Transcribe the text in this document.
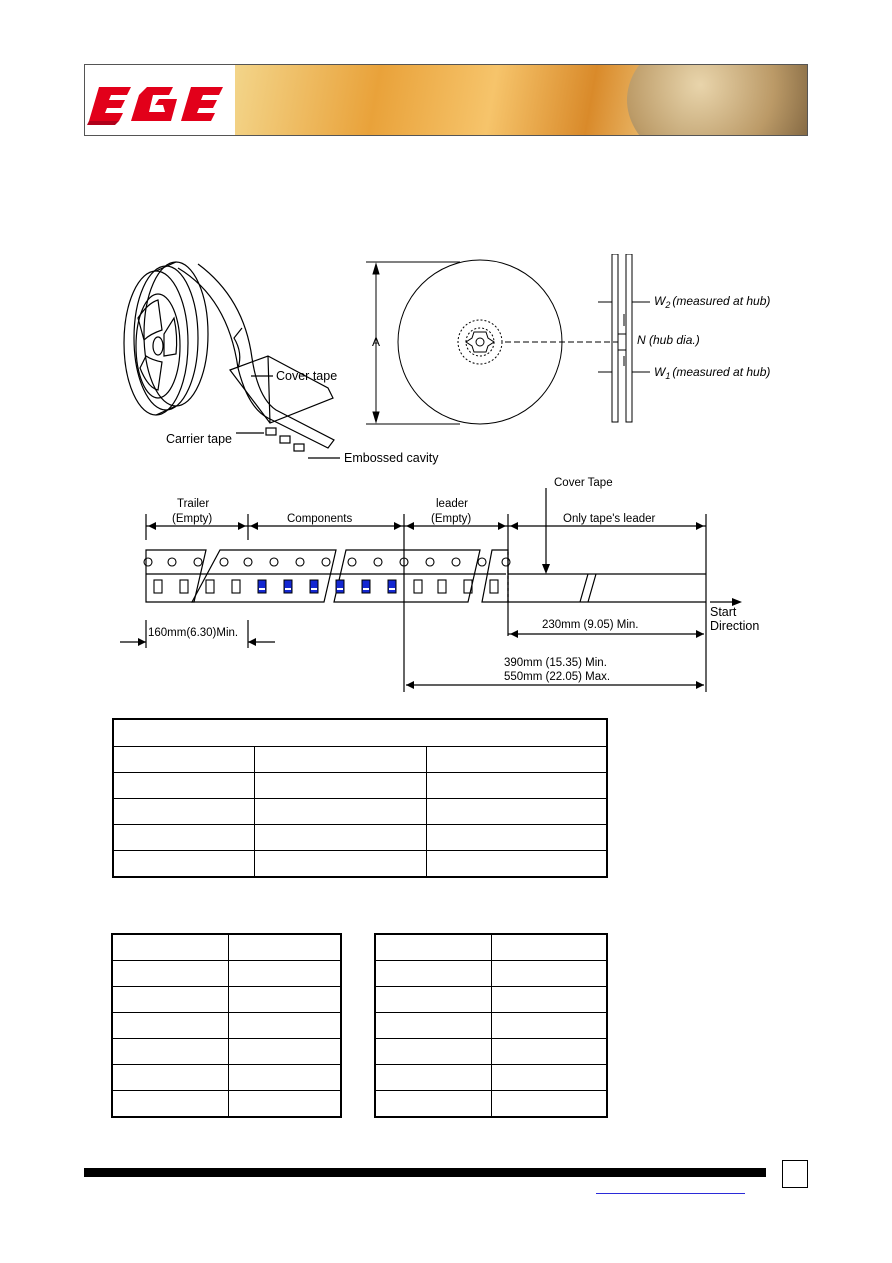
Cover tape
Carrier tape
Embossed cavity
A
$W_2$ (measured at hub)
N (hub dia.)
$W_1$ (measured at hub)
Cover Tape
Trailer
(Empty)	Components
leader
(Empty)	Only tape's leader
230mm (9.05) Min.
390mm (15.35) Min.
550mm (22.05) Max.
160mm(6.30)Min.
Start
Direction
